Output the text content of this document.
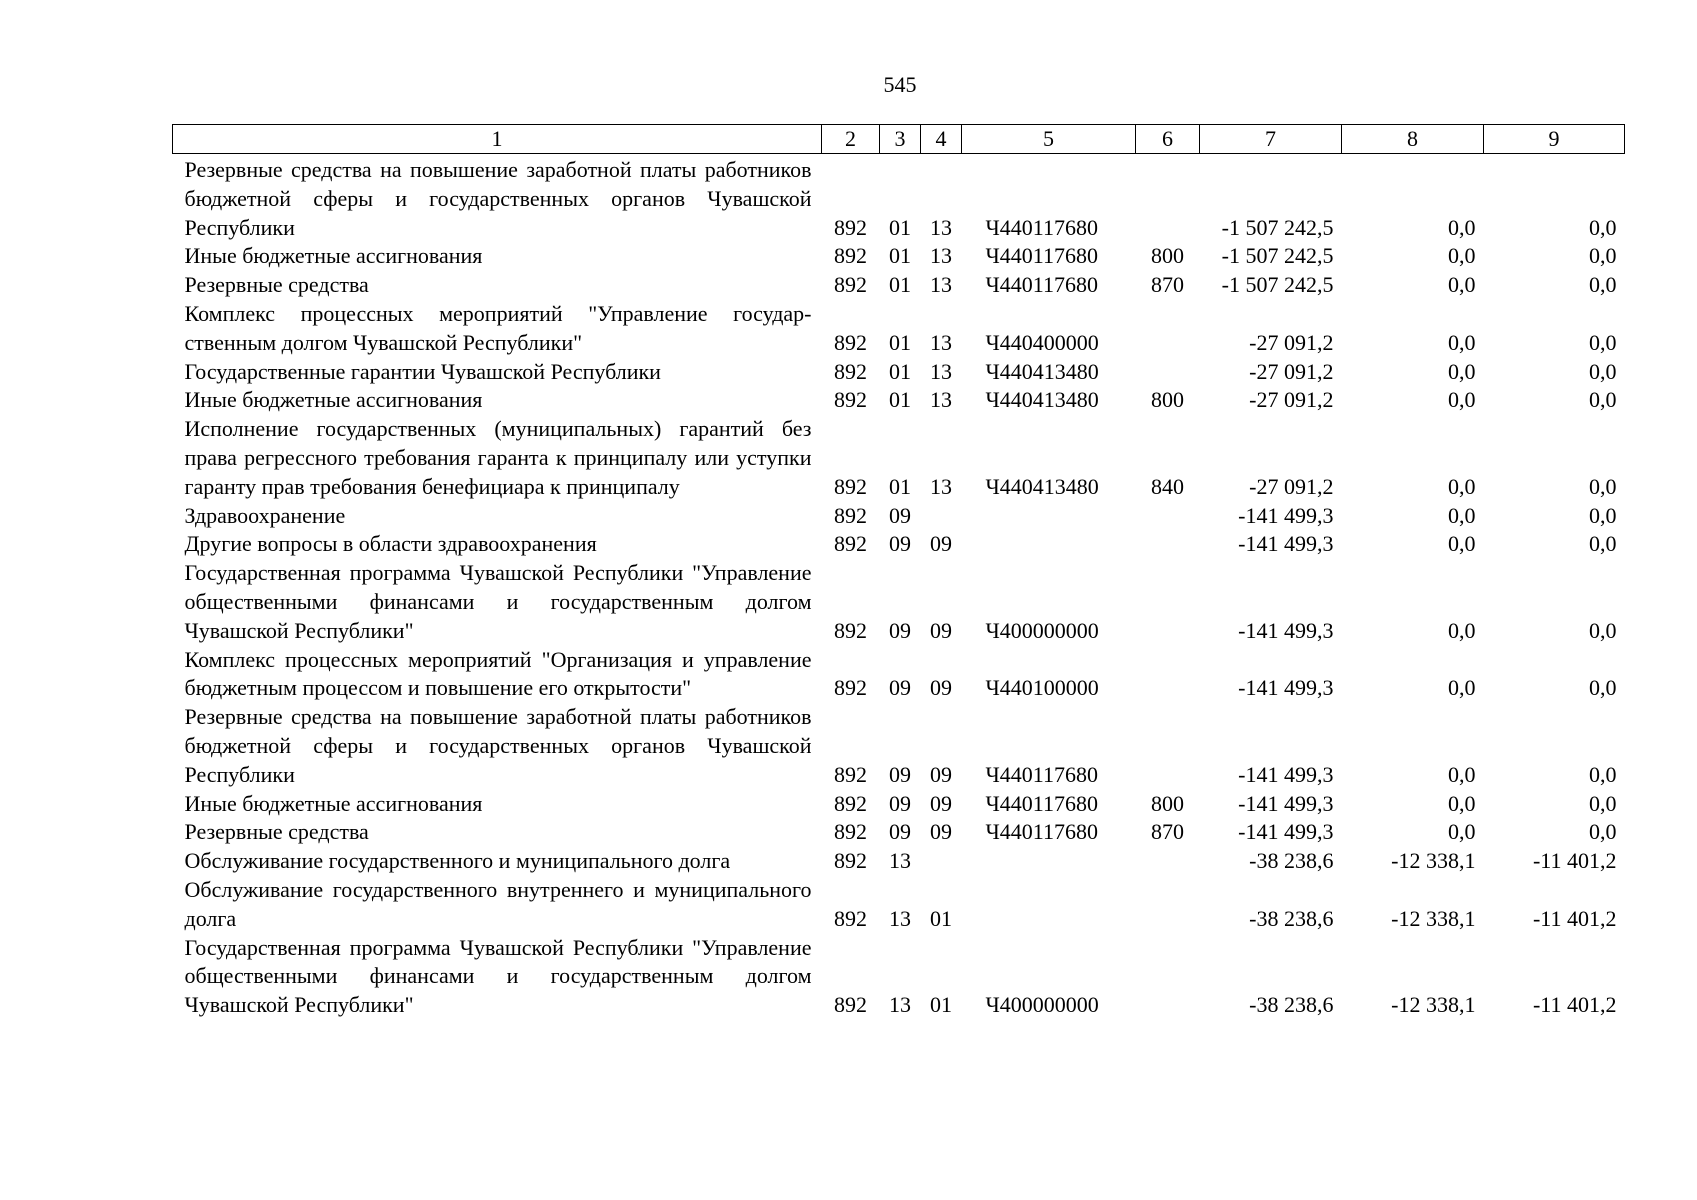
545
1	2	3	4	5	6	7	8	9
Резервные средства на повышение заработной платы работников бюджетной сферы и государственных органов Чувашской Республики	892	01	13	Ч440117680		-1 507 242,5	0,0	0,0
Иные бюджетные ассигнования	892	01	13	Ч440117680	800	-1 507 242,5	0,0	0,0
Резервные средства	892	01	13	Ч440117680	870	-1 507 242,5	0,0	0,0
Комплекс процессных мероприятий "Управление государственным долгом Чувашской Республики"	892	01	13	Ч440400000		-27 091,2	0,0	0,0
Государственные гарантии Чувашской Республики	892	01	13	Ч440413480		-27 091,2	0,0	0,0
Иные бюджетные ассигнования	892	01	13	Ч440413480	800	-27 091,2	0,0	0,0
Исполнение государственных (муниципальных) гарантий без права регрессного требования гаранта к принципалу или уступки гаранту прав требования бенефициара к принципалу	892	01	13	Ч440413480	840	-27 091,2	0,0	0,0
Здравоохранение	892	09				-141 499,3	0,0	0,0
Другие вопросы в области здравоохранения	892	09	09			-141 499,3	0,0	0,0
Государственная программа Чувашской Республики "Управление общественными финансами и государственным долгом Чувашской Республики"	892	09	09	Ч400000000		-141 499,3	0,0	0,0
Комплекс процессных мероприятий "Организация и управление бюджетным процессом и повышение его открытости"	892	09	09	Ч440100000		-141 499,3	0,0	0,0
Резервные средства на повышение заработной платы работников бюджетной сферы и государственных органов Чувашской Республики	892	09	09	Ч440117680		-141 499,3	0,0	0,0
Иные бюджетные ассигнования	892	09	09	Ч440117680	800	-141 499,3	0,0	0,0
Резервные средства	892	09	09	Ч440117680	870	-141 499,3	0,0	0,0
Обслуживание государственного и муниципального долга	892	13				-38 238,6	-12 338,1	-11 401,2
Обслуживание государственного внутреннего и муниципального долга	892	13	01			-38 238,6	-12 338,1	-11 401,2
Государственная программа Чувашской Республики "Управление общественными финансами и государственным долгом Чувашской Республики"	892	13	01	Ч400000000		-38 238,6	-12 338,1	-11 401,2
